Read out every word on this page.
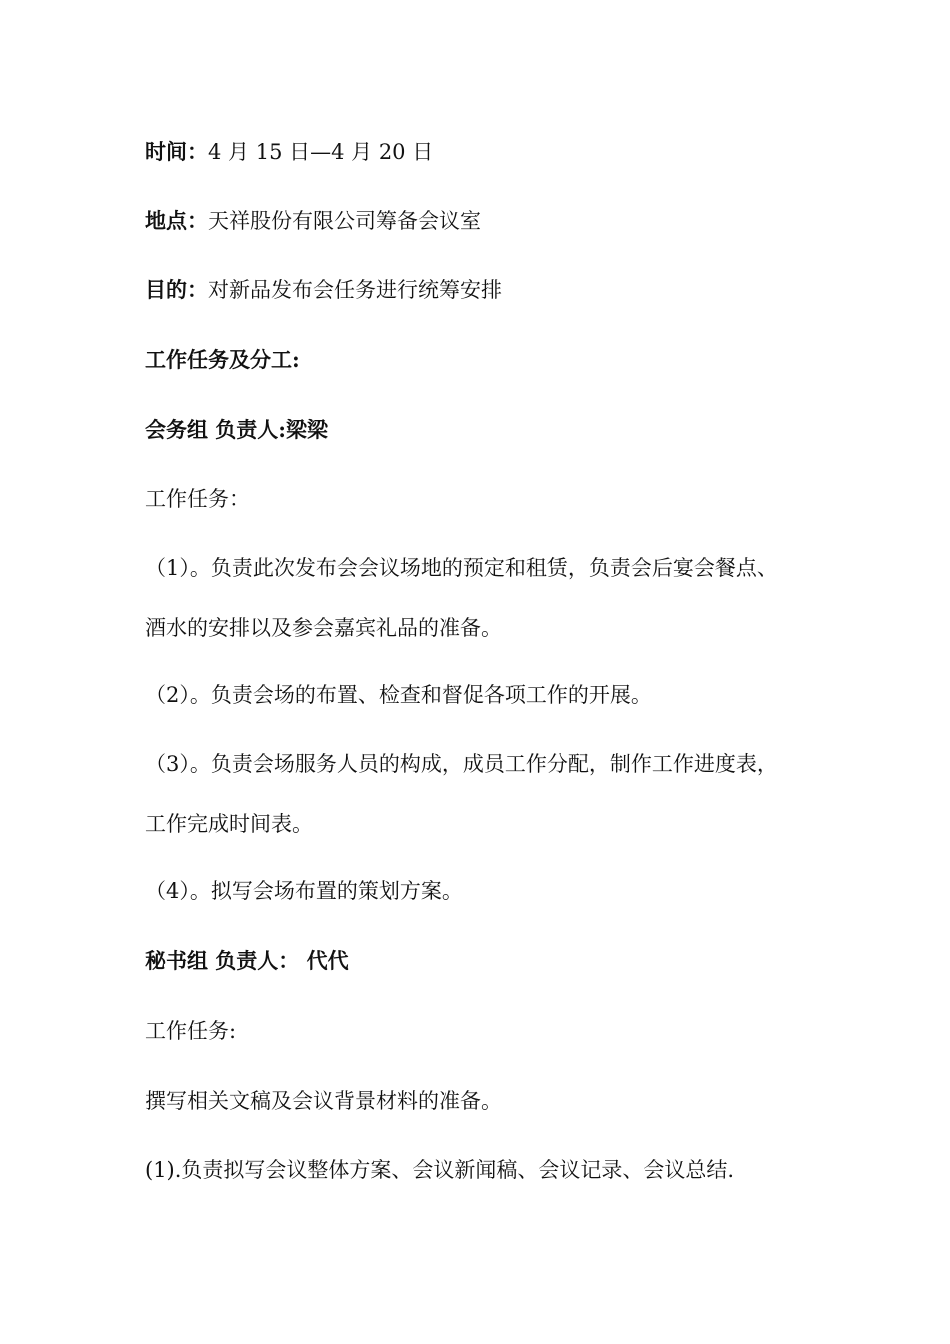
时间：4 月 15 日—4 月 20 日
地点：天祥股份有限公司筹备会议室
目的：对新品发布会任务进行统筹安排
工作任务及分工:
会务组 负责人:梁梁
工作任务：
（1）。负责此次发布会会议场地的预定和租赁，负责会后宴会餐点、
酒水的安排以及参会嘉宾礼品的准备。
（2）。负责会场的布置、检查和督促各项工作的开展。
（3）。负责会场服务人员的构成，成员工作分配，制作工作进度表，
工作完成时间表。
（4）。拟写会场布置的策划方案。
秘书组 负责人： 代代
工作任务:
撰写相关文稿及会议背景材料的准备。
(1).负责拟写会议整体方案、会议新闻稿、会议记录、会议总结.
